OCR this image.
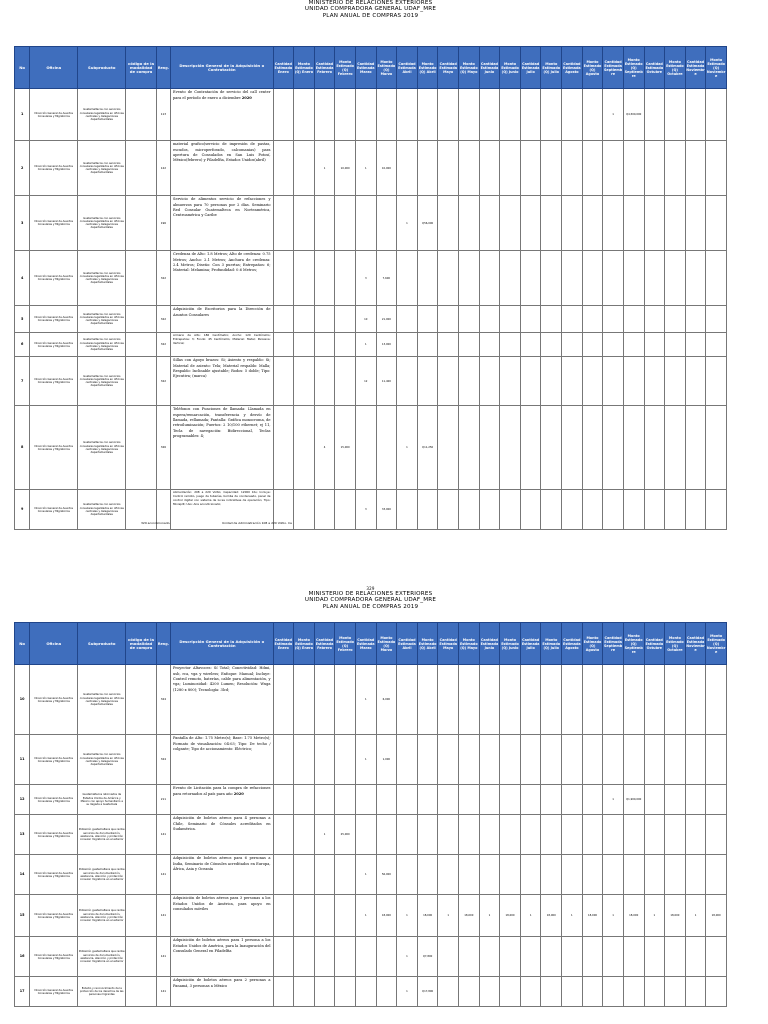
MINISTERIO DE RELACIONES EXTERIORES
UNIDAD COMPRADORA GENERAL UDAF_MRE
PLAN ANUAL DE COMPRAS 2019
No	Oficina	Subproducto	código de la modalidad de compra	Reng.	Descripción General de la Adquisición o Contratación	Cantidad Estimada Enero	Monto Estimado (Q) Enero	Cantidad Estimada Febrero	Monto Estimado (Q) Febrero	Cantidad Estimada Marzo	Monto Estimado (Q) Marzo	Cantidad Estimada Abril	Monto Estimado (Q) Abril	Cantidad Estimada Mayo	Monto Estimado (Q) Mayo	Cantidad Estimada Junio	Monto Estimado (Q) Junio	Cantidad Estimada Julio	Monto Estimado (Q) Julio	Cantidad Estimada Agosto	Monto Estimado (Q) Agosto	Cantidad Estimada Septiembre	Monto Estimado (Q) Septiembre	Cantidad Estimada Octubre	Monto Estimado (Q) Octubre	Cantidad Estimada Noviembre	Monto Estimado (Q) Noviembre
1	Dirección General de Asuntos Consulares y Migratorios	Guatemaltecos con servicios consulares legalizados en oficinas centrales y delegaciones departamentales		113	Evento de Contratación de servicio del call center para el período de enero a diciembre 2020																	1	Q4,500,000				
2	Dirección General de Asuntos Consulares y Migratorios	Guatemaltecos con servicios consulares legalizados en oficinas centrales y delegaciones departamentales		122	material grafico(servicio de impresión de pastas, escudos, microperforado, calcomanias) para apertura de Consulados en San Luis Potosí, México(febrero) y Filadelfia, Estados Unidos(abril)			1	10,000	1	10,000																
3	Dirección General de Asuntos Consulares y Migratorios	Guatemaltecos con servicios consulares legalizados en oficinas centrales y delegaciones departamentales		196	Servicio de alimentos servicio de refacciones y almuerzos para 70 personas por 2 días. Seminario Red Consular Guatemalteca en Norteamérica, Centroamérica y Caribe							1	Q56,000														
4	Dirección General de Asuntos Consulares y Migratorios	Guatemaltecos con servicios consulares legalizados en oficinas centrales y delegaciones departamentales		322	Credenza de Alto: 1.8 Metros; Alto de credenza: 0.75 Metros; Ancho: 2.1 Metros; Anchura de credenza: 2.4 Metros; Diseño: Con 3 puertas; Entrepaños: 6; Material: Melamina; Profundidad: 0.6 Metros;					3	7,600																
5	Dirección General de Asuntos Consulares y Migratorios	Guatemaltecos con servicios consulares legalizados en oficinas centrales y delegaciones departamentales		322	Adquisición de Escritorios para la Dirección de Asuntos Consulares					10	21,000																
6	Dirección General de Asuntos Consulares y Migratorios	Guatemaltecos con servicios consulares legalizados en oficinas centrales y delegaciones departamentales		322	Armario de Alto: 186 Centímetro; Ancho: 120 Centímetro; Entrepaños: 3; Fondo: 45 Centímetro; Material: Metal; Persiana: Vertical;					1	13,000																
7	Dirección General de Asuntos Consulares y Migratorios	Guatemaltecos con servicios consulares legalizados en oficinas centrales y delegaciones departamentales		322	Sillas con Apoyo brazos: Si; Asiento y respaldo: Si; Material de asiento: Tela; Material respaldo: Malla; Respaldo: Inclinable ajustable; Rodos: 5 doble; Tipo: Ejecutiva; (marca)					12	11,400																
8	Dirección General de Asuntos Consulares y Migratorios	Guatemaltecos con servicios consulares legalizados en oficinas centrales y delegaciones departamentales		326	Teléfonos con Funciones de llamada: Llamada en espera/remarcación, transferencia y desvío de llamada, rellamada; Pantalla: Gráfica monocroma, de retroiluminación; Puertos: 2 10/100 ethernet; ej 11, Tecla de navegación: Bidireccional, Teclas programables: 4;			4	15,000			1	Q11,250														
9	Dirección General de Asuntos Consulares y Migratorios	Guatemaltecos con servicios consulares legalizados en oficinas centrales y delegaciones departamentales			Alimentación: 208 a 220 Voltio; Capacidad: 12000 btu; Incluye: Control remoto, juego de tuberías, bomba de condensado, panel de control digital con sistema de luces indicativas de operación; Tipo: Minisplit; Uso: Aire acondicionado;					3	33,000																
329 acondicionado.	Unidad de Administración 108 a 220 Voltio. Ca
329
MINISTERIO DE RELACIONES EXTERIORES
UNIDAD COMPRADORA GENERAL UDAF_MRE
PLAN ANUAL DE COMPRAS 2019
No	Oficina	Subproducto	código de la modalidad de compra	Reng.	Descripción General de la Adquisición o Contratación	Cantidad Estimada Enero	Monto Estimado (Q) Enero	Cantidad Estimada Febrero	Monto Estimado (Q) Febrero	Cantidad Estimada Marzo	Monto Estimado (Q) Marzo	Cantidad Estimada Abril	Monto Estimado (Q) Abril	Cantidad Estimada Mayo	Monto Estimado (Q) Mayo	Cantidad Estimada Junio	Monto Estimado (Q) Junio	Cantidad Estimada Julio	Monto Estimado (Q) Julio	Cantidad Estimada Agosto	Monto Estimado (Q) Agosto	Cantidad Estimada Septiembre	Monto Estimado (Q) Septiembre	Cantidad Estimada Octubre	Monto Estimado (Q) Octubre	Cantidad Estimada Noviembre	Monto Estimado (Q) Noviembre
10	Dirección General de Asuntos Consulares y Migratorios	Guatemaltecos con servicios consulares legalizados en oficinas centrales y delegaciones departamentales		324	Proyector Altavoces: Sí Total; Conectividad: Hdmi, usb, rca, vga y wireless; Enfoque: Manual; Incluye: Control remoto, baterías, cable para alimentación, y vga; Luminosidad: 4200 Lumen; Resolución: Wxga (1280 x 800); Tecnología: 3lcd;					1	6,000																
11	Dirección General de Asuntos Consulares y Migratorios	Guatemaltecos con servicios consulares legalizados en oficinas centrales y delegaciones departamentales		324	Pantalla de Alto: 1.75 Metro(s); Base: 1.75 Metro(s); Formato de visualización: 04:03; Tipo: De techo / colgante; Tipo de accionamiento: Eléctrico;					1	1,000																
12	Dirección General de Asuntos Consulares y Migratorios	Guatemaltecos retornados de Estados Unidos de América y México con apoyo humanitario a su llegada a Guatemala		211	Evento de Licitación para la compra de refacciones para retornados al país para año 2020																	1	Q1,900,000				
13	Dirección General de Asuntos Consulares y Migratorios	Población guatemalteca que recibe servicios de documentación, asistencia, atención y protección consular migratoria en el exterior		141	Adquisición de boletos aéreos para 4 personas a Chile, Seminario de Cónsules acreditados en Sudamérica.			1	25,000																		
14	Dirección General de Asuntos Consulares y Migratorios	Población guatemalteca que recibe servicios de documentación, asistencia, atención y protección consular migratoria en el exterior		141	Adquisición de boletos aéreos para 6 personas a India, Seminario de Cónsules acreditados en Europa, África, Asia y Oceanía					1	56,000																
15	Dirección General de Asuntos Consulares y Migratorios	Población guatemalteca que recibe servicios de documentación, asistencia, atención y protección consular migratoria en el exterior		141	Adquisición de boletos aéreos para 3 personas a los Estados Unidos de América, para apoyo en consulados móviles					1	18,000	1	18,000	1	18,000	1	18,000	1	18,000	1	18,000	1	18,000	1	18,000	1	18,000
16	Dirección General de Asuntos Consulares y Migratorios	Población guatemalteca que recibe servicios de documentación, asistencia, atención y protección consular migratoria en el exterior		141	Adquisición de boletos aéreos para 1 persona a los Estados Unidos de América, para la Inauguración del Consulado General en Filadelfia							1	Q7,800														
17	Dirección General de Asuntos Consulares y Migratorios	Estudio y reconocimiento de la protección de los derechos de las personas migrantes		141	Adquisición de boletos aéreos para 2 personas a Panamá, 3 personas a México							1	Q17,800														
